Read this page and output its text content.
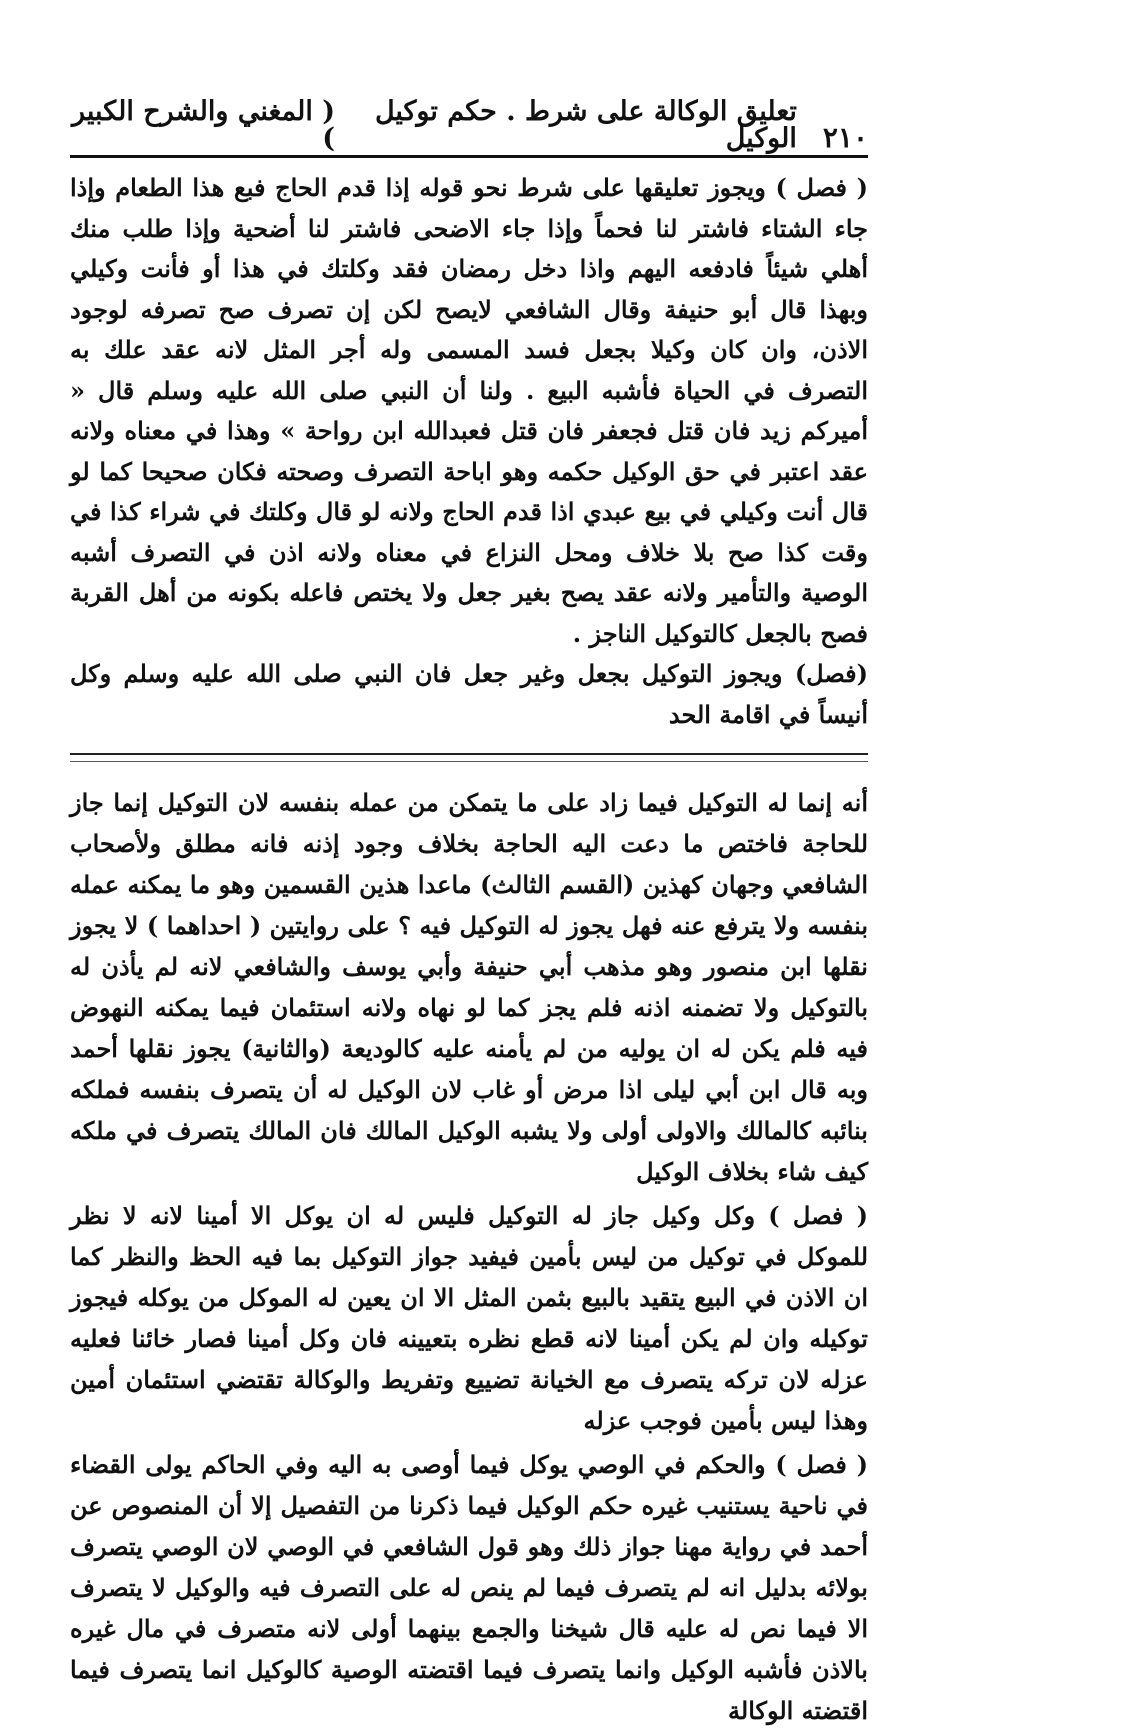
٢١٠
تعليق الوكالة على شرط . حكم توكيل الوكيل
( المغني والشرح الكبير )

( فصل ) ويجوز تعليقها على شرط نحو قوله إذا قدم الحاج فبع هذا الطعام وإذا جاء الشتاء فاشتر لنا فحماً وإذا جاء الاضحى فاشتر لنا أضحية وإذا طلب منك أهلي شيئاً فادفعه اليهم واذا دخل رمضان فقد وكلتك في هذا أو فأنت وكيلي وبهذا قال أبو حنيفة وقال الشافعي لايصح لكن إن تصرف صح تصرفه لوجود الاذن، وان كان وكيلا بجعل فسد المسمى وله أجر المثل لانه عقد علك به التصرف في الحياة فأشبه البيع . ولنا أن النبي صلى الله عليه وسلم قال « أميركم زيد فان قتل فجعفر فان قتل فعبدالله ابن رواحة » وهذا في معناه ولانه عقد اعتبر في حق الوكيل حكمه وهو اباحة التصرف وصحته فكان صحيحا كما لو قال أنت وكيلي في بيع عبدي اذا قدم الحاج ولانه لو قال وكلتك في شراء كذا في وقت كذا صح بلا خلاف ومحل النزاع في معناه ولانه اذن في التصرف أشبه الوصية والتأمير ولانه عقد يصح بغير جعل ولا يختص فاعله بكونه من أهل القربة فصح بالجعل كالتوكيل الناجز .

(فصل) ويجوز التوكيل بجعل وغير جعل فان النبي صلى الله عليه وسلم وكل أنيساً في اقامة الحد

أنه إنما له التوكيل فيما زاد على ما يتمكن من عمله بنفسه لان التوكيل إنما جاز للحاجة فاختص ما دعت اليه الحاجة بخلاف وجود إذنه فانه مطلق ولأصحاب الشافعي وجهان كهذين (القسم الثالث) ماعدا هذين القسمين وهو ما يمكنه عمله بنفسه ولا يترفع عنه فهل يجوز له التوكيل فيه ؟ على روايتين ( احداهما ) لا يجوز نقلها ابن منصور وهو مذهب أبي حنيفة وأبي يوسف والشافعي لانه لم يأذن له بالتوكيل ولا تضمنه اذنه فلم يجز كما لو نهاه ولانه استئمان فيما يمكنه النهوض فيه فلم يكن له ان يوليه من لم يأمنه عليه كالوديعة (والثانية) يجوز نقلها أحمد وبه قال ابن أبي ليلى اذا مرض أو غاب لان الوكيل له أن يتصرف بنفسه فملكه بنائبه كالمالك والاولى أولى ولا يشبه الوكيل المالك فان المالك يتصرف في ملكه كيف شاء بخلاف الوكيل

( فصل ) وكل وكيل جاز له التوكيل فليس له ان يوكل الا أمينا لانه لا نظر للموكل في توكيل من ليس بأمين فيفيد جواز التوكيل بما فيه الحظ والنظر كما ان الاذن في البيع يتقيد بالبيع بثمن المثل الا ان يعين له الموكل من يوكله فيجوز توكيله وان لم يكن أمينا لانه قطع نظره بتعيينه فان وكل أمينا فصار خائنا فعليه عزله لان تركه يتصرف مع الخيانة تضييع وتفريط والوكالة تقتضي استئمان أمين وهذا ليس بأمين فوجب عزله

( فصل ) والحكم في الوصي يوكل فيما أوصى به اليه وفي الحاكم يولى القضاء في ناحية يستنيب غيره حكم الوكيل فيما ذكرنا من التفصيل إلا أن المنصوص عن أحمد في رواية مهنا جواز ذلك وهو قول الشافعي في الوصي لان الوصي يتصرف بولائه بدليل انه لم يتصرف فيما لم ينص له على التصرف فيه والوكيل لا يتصرف الا فيما نص له عليه قال شيخنا والجمع بينهما أولى لانه متصرف في مال غيره بالاذن فأشبه الوكيل وانما يتصرف فيما اقتضته الوصية كالوكيل انما يتصرف فيما اقتضته الوكالة
